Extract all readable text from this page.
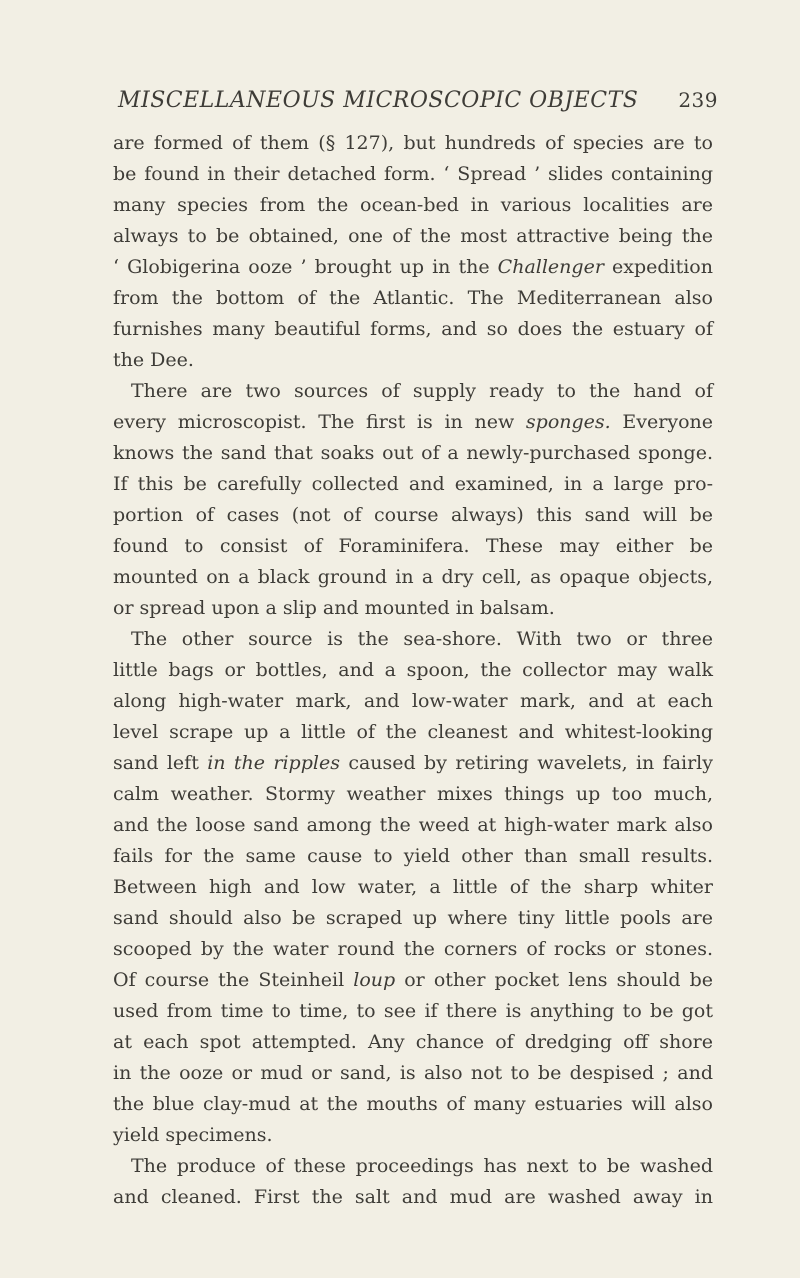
MISCELLANEOUS MICROSCOPIC OBJECTS 239
are formed of them (§ 127), but hundreds of species are to
be found in their detached form. ‘ Spread ’ slides containing
many species from the ocean-bed in various localities are
always to be obtained, one of the most attractive being the
‘ Globigerina ooze ’ brought up in the Challenger expedition
from the bottom of the Atlantic. The Mediterranean also
furnishes many beautiful forms, and so does the estuary of
the Dee.
There are two sources of supply ready to the hand of
every microscopist. The first is in new sponges. Everyone
knows the sand that soaks out of a newly-purchased sponge.
If this be carefully collected and examined, in a large pro-
portion of cases (not of course always) this sand will be
found to consist of Foraminifera. These may either be
mounted on a black ground in a dry cell, as opaque objects,
or spread upon a slip and mounted in balsam.
The other source is the sea-shore. With two or three
little bags or bottles, and a spoon, the collector may walk
along high-water mark, and low-water mark, and at each
level scrape up a little of the cleanest and whitest-looking
sand left in the ripples caused by retiring wavelets, in fairly
calm weather. Stormy weather mixes things up too much,
and the loose sand among the weed at high-water mark also
fails for the same cause to yield other than small results.
Between high and low water, a little of the sharp whiter
sand should also be scraped up where tiny little pools are
scooped by the water round the corners of rocks or stones.
Of course the Steinheil loup or other pocket lens should be
used from time to time, to see if there is anything to be got
at each spot attempted. Any chance of dredging off shore
in the ooze or mud or sand, is also not to be despised ; and
the blue clay-mud at the mouths of many estuaries will also
yield specimens.
The produce of these proceedings has next to be washed
and cleaned. First the salt and mud are washed away in
